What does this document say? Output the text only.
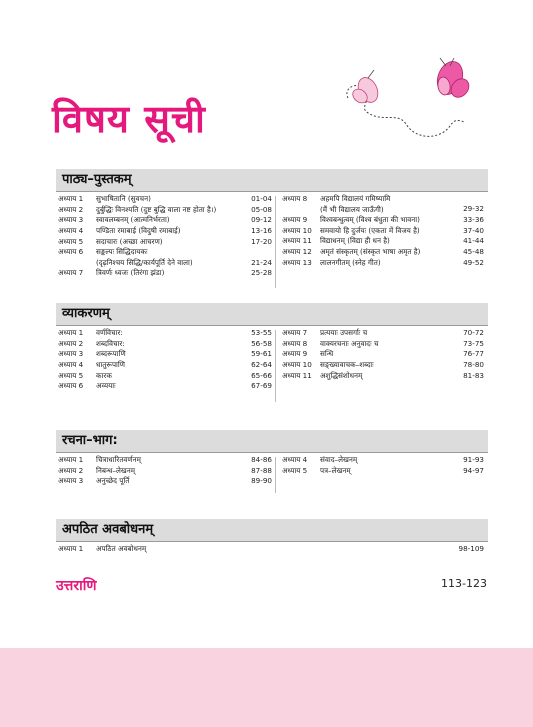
विषय सूची
पाठ्य–पुस्तकम्
अध्याय 1	सुभाषितानि (सुवचन)	01-04
अध्याय 2	दुर्बुद्धिः विनश्यति (दुष्ट बुद्धि वाला नष्ट होता है।)	05-08
अध्याय 3	स्वावलम्बनम् (आत्मनिर्भरता)	09-12
अध्याय 4	पण्डिता रमाबाई (विदुषी रमाबाई)	13-16
अध्याय 5	सदाचारः (अच्छा आचरण)	17-20
अध्याय 6	सङ्कल्पः सिद्धिदायकः
(दृढ़निश्चय सिद्धि/कार्यपूर्ति देने वाला)	21-24
अध्याय 7	त्रिवर्णः ध्वजः (तिरंगा झंडा)	25-28
अध्याय 8	अहमपि विद्यालयं गमिष्यामि
(मैं भी विद्यालय जाऊँगी)	29-32
अध्याय 9	विश्वबन्धुत्वम् (विश्व बंधुता की भावना)	33-36
अध्याय 10	समवायो हि दुर्जयः (एकता में विजय है)	37-40
अध्याय 11	विद्याधनम् (विद्या ही धन है)	41-44
अध्याय 12	अमृतं संस्कृतम् (संस्कृत भाषा अमृत है)	45-48
अध्याय 13	लालनगीतम् (स्नेह गीत)	49-52
व्याकरणम्
अध्याय 1	वर्णविचार:	53-55
अध्याय 2	शब्दविचार:	56-58
अध्याय 3	शब्दरूपाणि	59-61
अध्याय 4	धातुरूपाणि	62-64
अध्याय 5	कारक	65-66
अध्याय 6	अव्ययाः	67-69
अध्याय 7	प्रत्ययाः उपसर्गाः च	70-72
अध्याय 8	वाक्यरचनाः अनुवादः च	73-75
अध्याय 9	सन्धि	76-77
अध्याय 10	सङ्ख्यावाचक–शब्दाः	78-80
अध्याय 11	अशुद्धिसंशोधनम्	81-83
रचना–भाग:
अध्याय 1	चित्राधारितवर्णनम्	84-86
अध्याय 2	निबन्ध–लेखनम्	87-88
अध्याय 3	अनुच्छेद पूर्ति	89-90
अध्याय 4	संवाद–लेखनम्	91-93
अध्याय 5	पत्र–लेखनम्	94-97
अपठित अवबोधनम्
अध्याय 1	अपठित अवबोधनम्	98-109
उत्तराणि	113-123
